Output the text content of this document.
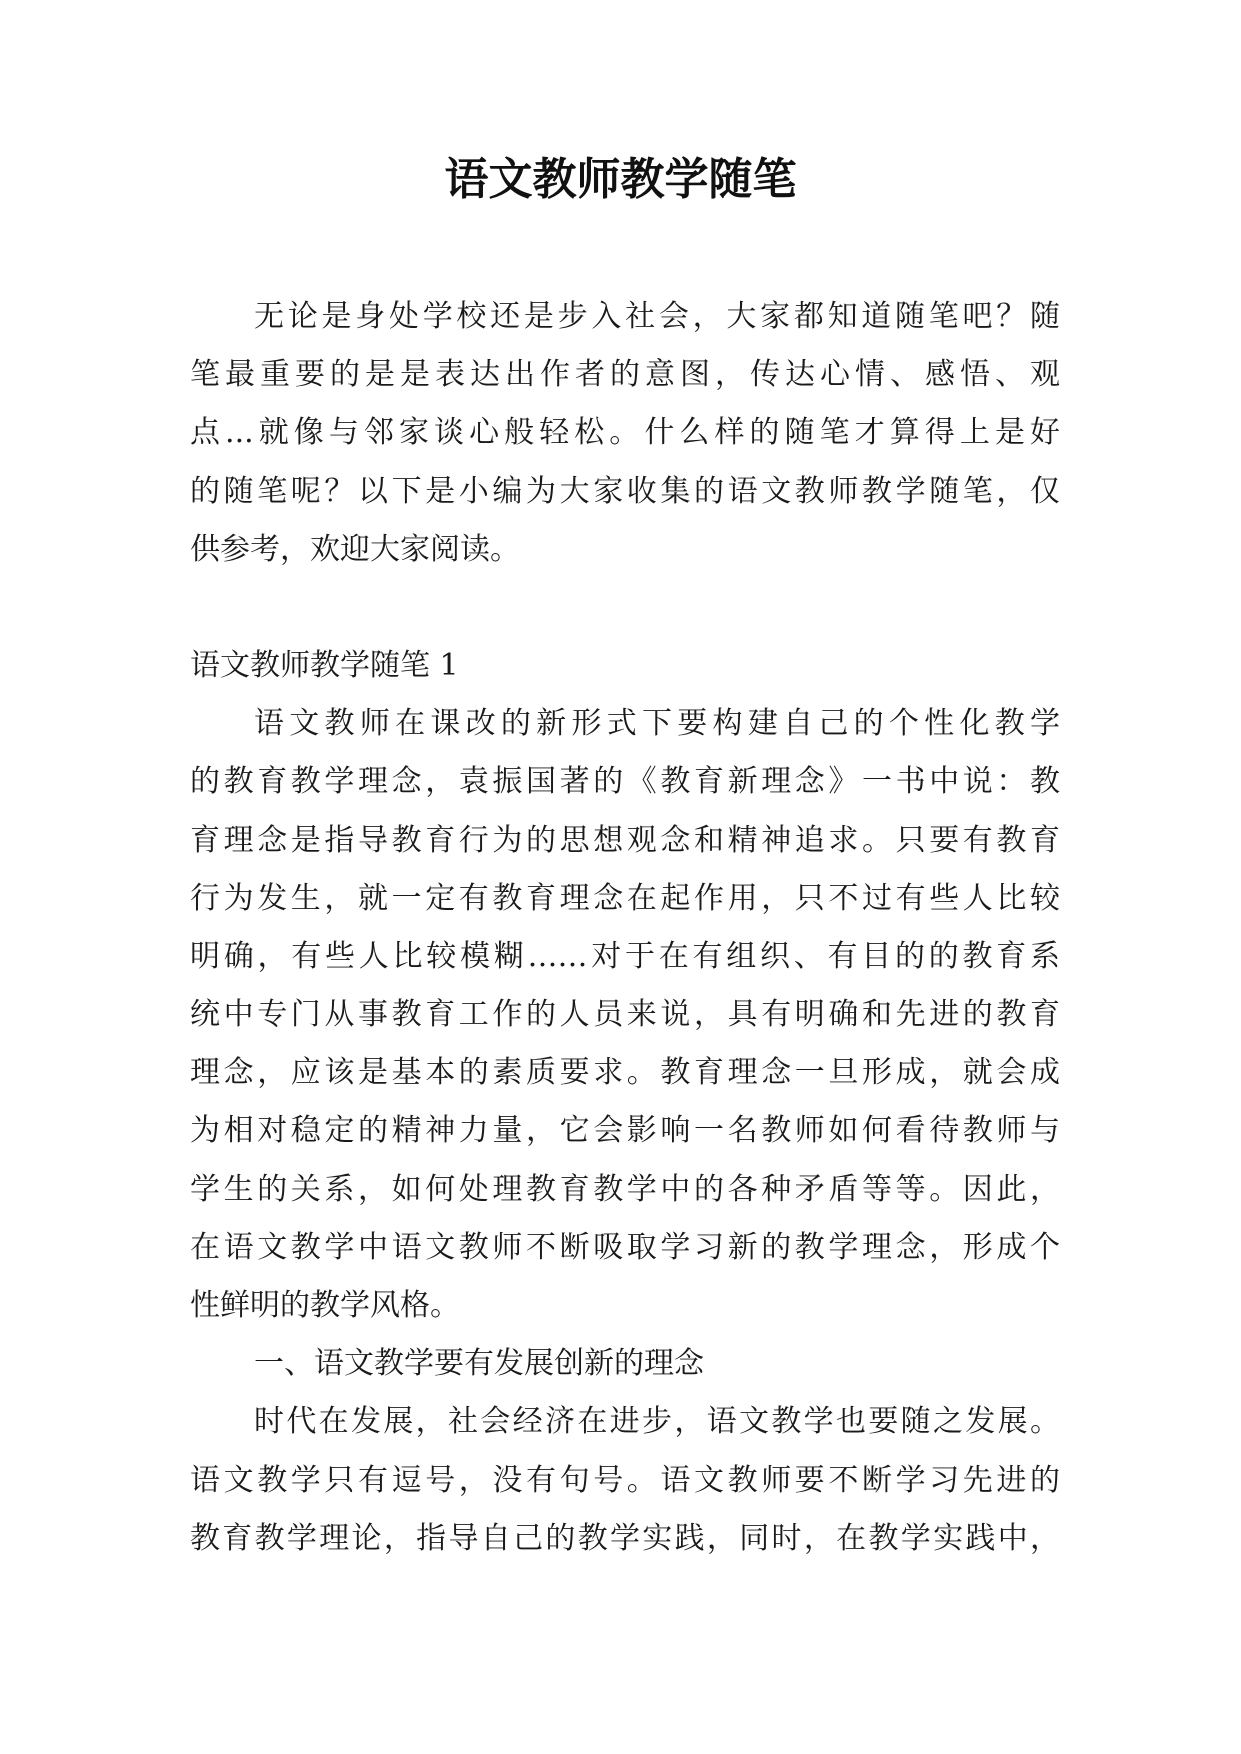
语文教师教学随笔
无论是身处学校还是步入社会，大家都知道随笔吧？随
笔最重要的是是表达出作者的意图，传达心情、感悟、观
点...就像与邻家谈心般轻松。什么样的随笔才算得上是好
的随笔呢？以下是小编为大家收集的语文教师教学随笔，仅
供参考，欢迎大家阅读。
语文教师教学随笔 1
语文教师在课改的新形式下要构建自己的个性化教学
的教育教学理念，袁振国著的《教育新理念》一书中说：教
育理念是指导教育行为的思想观念和精神追求。只要有教育
行为发生，就一定有教育理念在起作用，只不过有些人比较
明确，有些人比较模糊……对于在有组织、有目的的教育系
统中专门从事教育工作的人员来说，具有明确和先进的教育
理念，应该是基本的素质要求。教育理念一旦形成，就会成
为相对稳定的精神力量，它会影响一名教师如何看待教师与
学生的关系，如何处理教育教学中的各种矛盾等等。因此，
在语文教学中语文教师不断吸取学习新的教学理念，形成个
性鲜明的教学风格。
一、语文教学要有发展创新的理念
时代在发展，社会经济在进步，语文教学也要随之发展。
语文教学只有逗号，没有句号。语文教师要不断学习先进的
教育教学理论，指导自己的教学实践，同时，在教学实践中，
